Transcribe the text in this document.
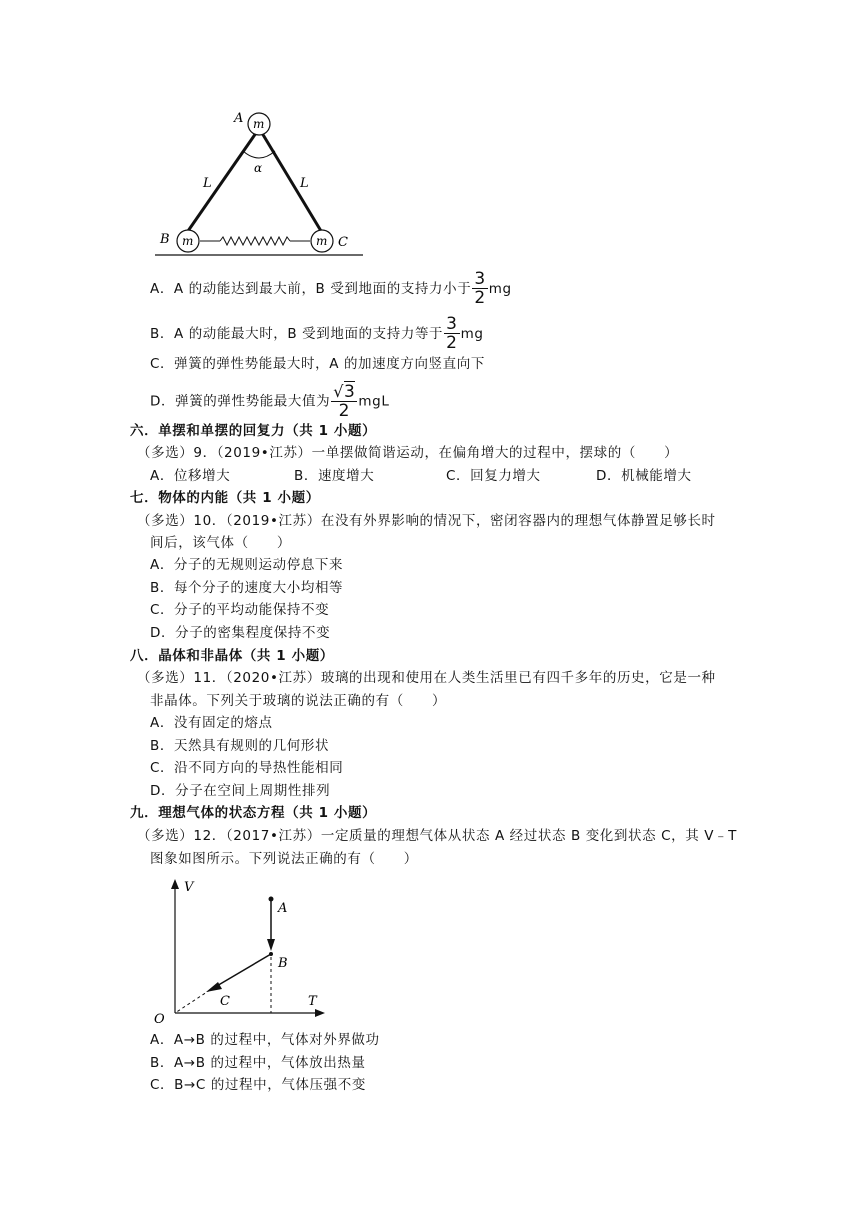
m
m	m
A
B	C
L	L
α
A．A 的动能达到最大前，B 受到地面的支持力小于 $\frac{3}{2}$ mg
B．A 的动能最大时，B 受到地面的支持力等于 $\frac{3}{2}$ mg
C．弹簧的弹性势能最大时，A 的加速度方向竖直向下
D．弹簧的弹性势能最大值为 $\frac{√3}{2}$ mgL
六．单摆和单摆的回复力（共 1 小题）
（多选）9．（2019•江苏）一单摆做简谐运动，在偏角增大的过程中，摆球的（　　）
A．位移增大	B．速度增大	C．回复力增大	D．机械能增大
七．物体的内能（共 1 小题）
（多选）10．（2019•江苏）在没有外界影响的情况下，密闭容器内的理想气体静置足够长时
间后，该气体（　　）
A．分子的无规则运动停息下来
B．每个分子的速度大小均相等
C．分子的平均动能保持不变
D．分子的密集程度保持不变
八．晶体和非晶体（共 1 小题）
（多选）11．（2020•江苏）玻璃的出现和使用在人类生活里已有四千多年的历史，它是一种
非晶体。下列关于玻璃的说法正确的有（　　）
A．没有固定的熔点
B．天然具有规则的几何形状
C．沿不同方向的导热性能相同
D．分子在空间上周期性排列
九．理想气体的状态方程（共 1 小题）
（多选）12．（2017•江苏）一定质量的理想气体从状态 A 经过状态 B 变化到状态 C，其 V﹣T
图象如图所示。下列说法正确的有（　　）
V
T
O
A
B
C
A．A→B 的过程中，气体对外界做功
B．A→B 的过程中，气体放出热量
C．B→C 的过程中，气体压强不变
